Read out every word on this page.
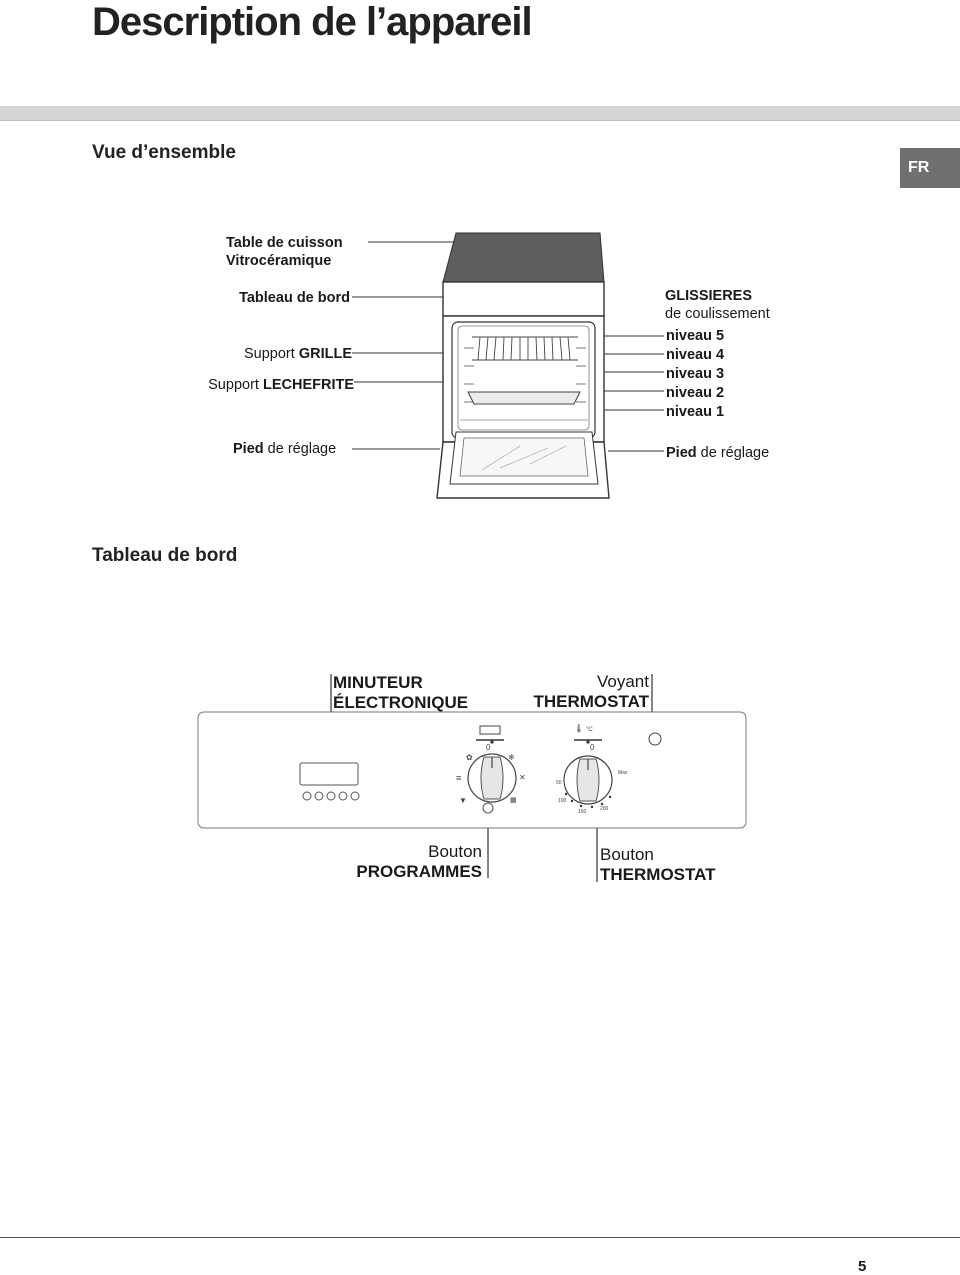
Description de l’appareil
Vue d’ensemble
FR
Table de cuisson
Vitrocéramique
Tableau de bord
Support GRILLE
Support LECHEFRITE
Pied de réglage
GLISSIERES
de coulissement
niveau 5
niveau 4
niveau 3
niveau 2
niveau 1
Pied de réglage
Tableau de bord
MINUTEUR
ÉLECTRONIQUE
Voyant
THERMOSTAT
Bouton
PROGRAMMES
Bouton
THERMOSTAT
✿
≡
▼
❄
✕
▦
🌡
0	0
°C
50
100
150	200
Max
5
